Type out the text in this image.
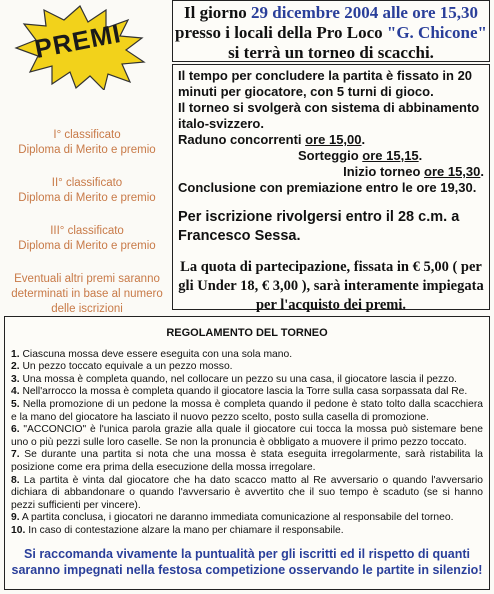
PREMI
Il giorno 29 dicembre 2004 alle ore 15,30
presso i locali della Pro Loco "G. Chicone"
si terrà un torneo di scacchi.

Il tempo per concludere la partita è fissato in 20 minuti per giocatore, con 5 turni di gioco.

Il torneo si svolgerà con sistema di abbinamento italo-svizzero.

Raduno concorrenti ore 15,00.

Sorteggio ore 15,15.

Inizio torneo ore 15,30.

Conclusione con premiazione entro le ore 19,30.

Per iscrizione rivolgersi entro il 28 c.m. a Francesco Sessa.

La quota di partecipazione, fissata in € 5,00 ( per gli Under 18, € 3,00 ), sarà interamente impiegata per l'acquisto dei premi.

I° classificato
Diploma di Merito e premio
II° classificato
Diploma di Merito e premio
III° classificato
Diploma di Merito e premio
Eventuali altri premi saranno determinati in base al numero delle iscrizioni
REGOLAMENTO DEL TORNEO
1. Ciascuna mossa deve essere eseguita con una sola mano.
2. Un pezzo toccato equivale a un pezzo mosso.
3. Una mossa è completa quando, nel collocare un pezzo su una casa, il giocatore lascia il pezzo.
4. Nell'arrocco la mossa è completa quando il giocatore lascia la Torre sulla casa sorpassata dal Re.
5. Nella promozione di un pedone la mossa è completa quando il pedone è stato tolto dalla scacchiera e la mano del giocatore ha lasciato il nuovo pezzo scelto, posto sulla casella di promozione.
6. "ACCONCIO" è l'unica parola grazie alla quale il giocatore cui tocca la mossa può sistemare bene uno o più pezzi sulle loro caselle. Se non la pronuncia è obbligato a muovere il primo pezzo toccato.
7. Se durante una partita si nota che una mossa è stata eseguita irregolarmente, sarà ristabilita la posizione come era prima della esecuzione della mossa irregolare.
8. La partita è vinta dal giocatore che ha dato scacco matto al Re avversario o quando l'avversario dichiara di abbandonare o quando l'avversario è avvertito che il suo tempo è scaduto (se si hanno pezzi sufficienti per vincere).
9. A partita conclusa, i giocatori ne daranno immediata comunicazione al responsabile del torneo.
10. In caso di contestazione alzare la mano per chiamare il responsabile.
Si raccomanda vivamente la puntualità per gli iscritti ed il rispetto di quanti saranno impegnati nella festosa competizione osservando le partite in silenzio!
